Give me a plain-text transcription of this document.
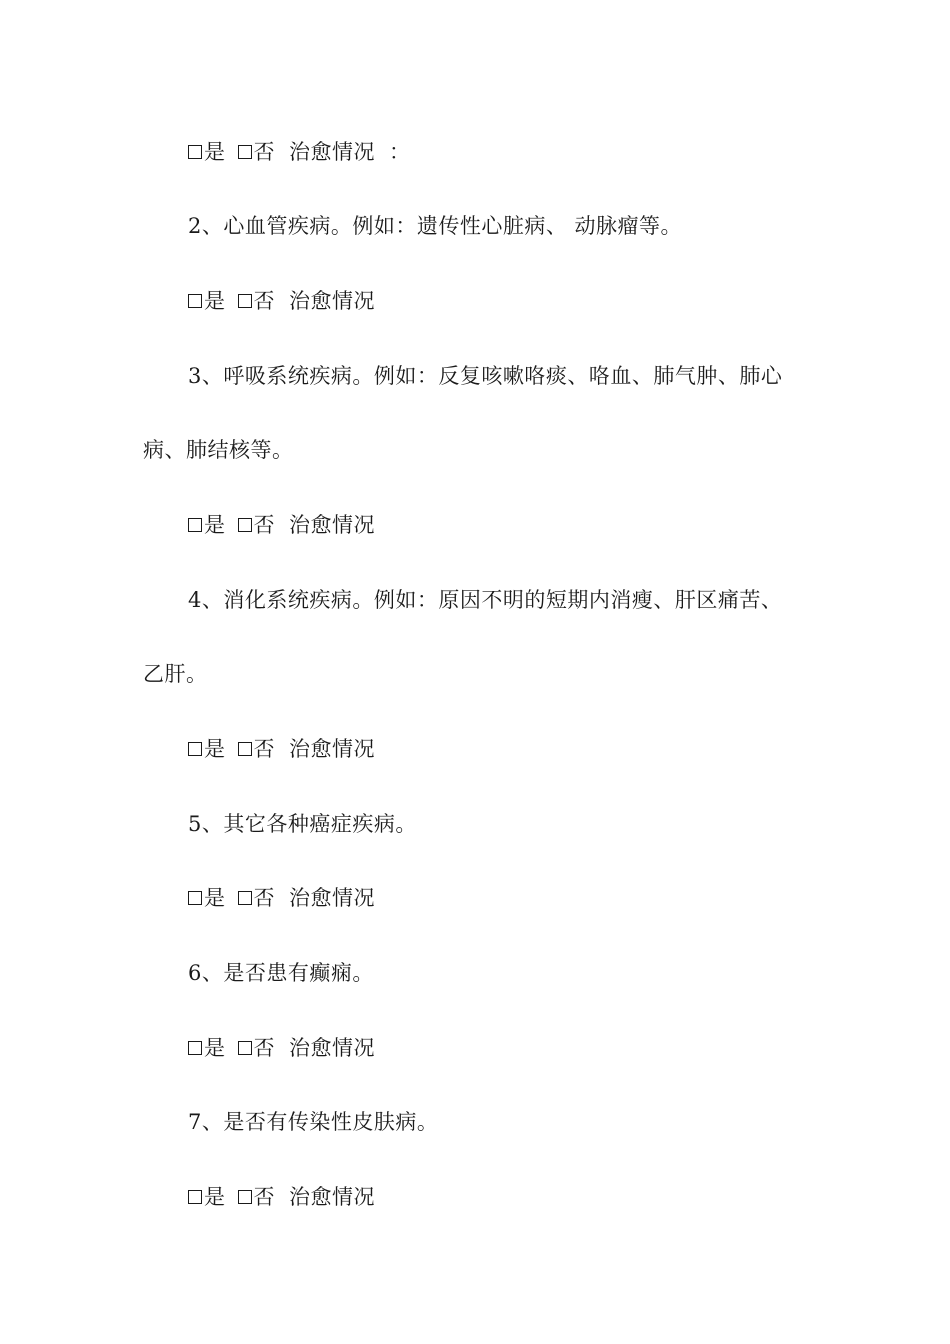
是 否 治愈情况 ：
2、心血管疾病。例如：遗传性心脏病、 动脉瘤等。
是 否 治愈情况
3、呼吸系统疾病。例如：反复咳嗽咯痰、咯血、肺气肿、肺心
病、肺结核等。
是 否 治愈情况
4、消化系统疾病。例如：原因不明的短期内消瘦、肝区痛苦、
乙肝。
是 否 治愈情况
5、其它各种癌症疾病。
是 否 治愈情况
6、是否患有癫痫。
是 否 治愈情况
7、是否有传染性皮肤病。
是 否 治愈情况
